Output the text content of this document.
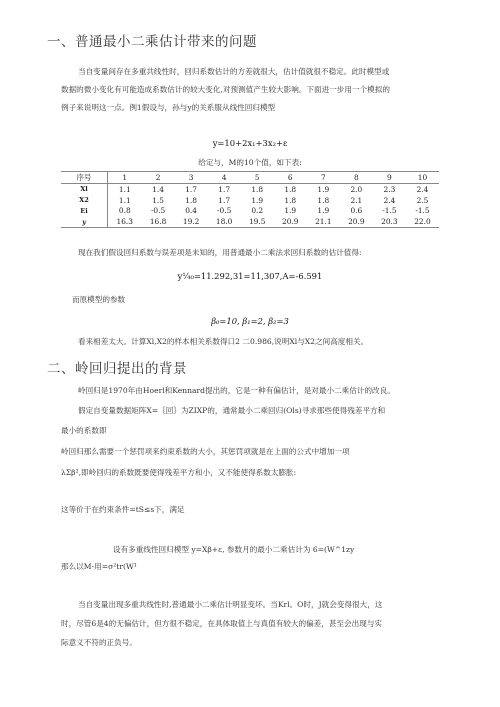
一、普通最小二乘估计带来的问题
当自变量间存在多重共线性时，回归系数估计的方差就很大，估计值就很不稳定。此时模型或
数据的微小变化有可能造成系数估计的较大变化,对预测值产生较大影响。下面进一步用一个模拟的
例子来说明这一点。例1假设与，孙与y的关系服从线性回归模型
y=10+2x₁+3x₂+ε
给定与，M的10个值，如下表:
序号	1	2	3	4	5	6	7	8	9	10
Xl	1.1	1.4	1.7	1.7	1.8	1.8	1.9	2.0	2.3	2.4
X2	1.1	1.5	1.8	1.7	1.9	1.8	1.8	2.1	2.4	2.5
Ei	0.8	-0.5	0.4	-0.5	0.2	1.9	1.9	0.6	-1.5	-1.5
y	16.3	16.8	19.2	18.0	19.5	20.9	21.1	20.9	20.3	22.0
现在我们假设回归系数与误差项是未知的，用普通最小二乘法求回归系数的估计值得:
y¼₀=11.292,31=11,307,A=-6.591
而原模型的参数
β₀=10, β₁=2, β₂=3
看来相差太大。计算Xl,X2的样本相关系数得口2 二0.986,说明Xl与X2之间高度相关。
二、岭回归提出的背景
岭回归是1970年由Hoerl和Kennard提出的，它是一种有偏估计，是对最小二乘估计的改良。
假定自变量数据矩阵X=｛回｝为ZIXP的，通常最小二乘回归(Ols)寻求那些使得残差平方和
最小的系数即
岭回归那么需要一个惩罚项来约束系数的大小，其惩罚项就是在上面的公式中增加一项
λΣβ²,即岭回归的系数既要使得残差平方和小，又不能使得系数太膨胀:
这等价于在约束条件=tS≤s下，满足
设有多重线性回归模型 y=Xβ+ε, 参数月的最小二乘估计为 6=(W^1zy
那么以M-用=σ²tr(W¹
当自变量出现多重共线性时,普通最小二乘估计明显变坏。当Krl。O时，J就会变得很大，这
时，尽管6是4的无偏估计，但方很不稳定，在具体取值上与真值有较大的偏差，甚至会出现与实
际意义不符的正负号。
